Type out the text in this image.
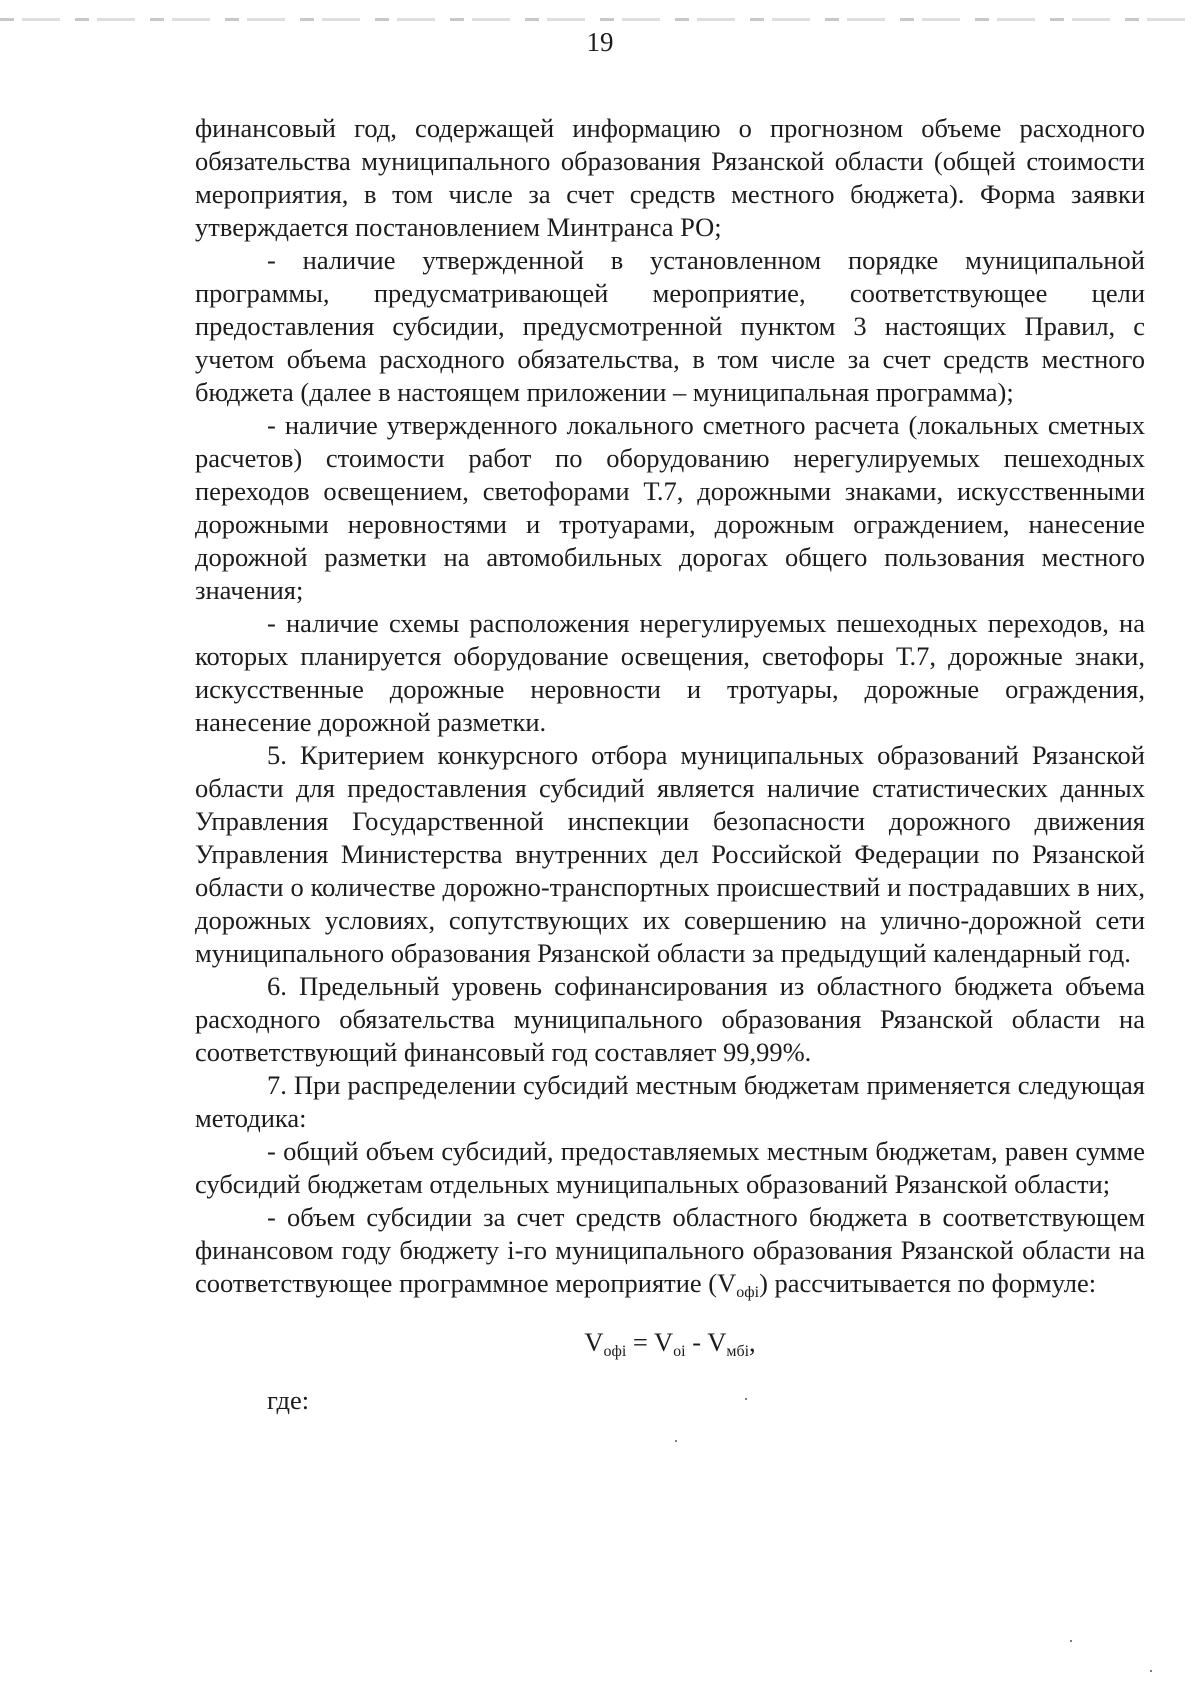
19

финансовый год, содержащей информацию о прогнозном объеме расходного обязательства муниципального образования Рязанской области (общей стоимости мероприятия, в том числе за счет средств местного бюджета). Форма заявки утверждается постановлением Минтранса РО;

- наличие утвержденной в установленном порядке муниципальной программы, предусматривающей мероприятие, соответствующее цели предоставления субсидии, предусмотренной пунктом 3 настоящих Правил, с учетом объема расходного обязательства, в том числе за счет средств местного бюджета (далее в настоящем приложении – муниципальная программа);

- наличие утвержденного локального сметного расчета (локальных сметных расчетов) стоимости работ по оборудованию нерегулируемых пешеходных переходов освещением, светофорами Т.7, дорожными знаками, искусственными дорожными неровностями и тротуарами, дорожным ограждением, нанесение дорожной разметки на автомобильных дорогах общего пользования местного значения;

- наличие схемы расположения нерегулируемых пешеходных переходов, на которых планируется оборудование освещения, светофоры Т.7, дорожные знаки, искусственные дорожные неровности и тротуары, дорожные ограждения, нанесение дорожной разметки.

5. Критерием конкурсного отбора муниципальных образований Рязанской области для предоставления субсидий является наличие статистических данных Управления Государственной инспекции безопасности дорожного движения Управления Министерства внутренних дел Российской Федерации по Рязанской области о количестве дорожно-транспортных происшествий и пострадавших в них, дорожных условиях, сопутствующих их совершению на улично-дорожной сети муниципального образования Рязанской области за предыдущий календарный год.

6. Предельный уровень софинансирования из областного бюджета объема расходного обязательства муниципального образования Рязанской области на соответствующий финансовый год составляет 99,99%.

7. При распределении субсидий местным бюджетам применяется следующая методика:

- общий объем субсидий, предоставляемых местным бюджетам, равен сумме субсидий бюджетам отдельных муниципальных образований Рязанской области;

- объем субсидии за счет средств областного бюджета в соответствующем финансовом году бюджету i-го муниципального образования Рязанской области на соответствующее программное мероприятие $(V_{офi})$ рассчитывается по формуле:

$V_{офi} = V_{оi} - V_{мбi}$,

где:
